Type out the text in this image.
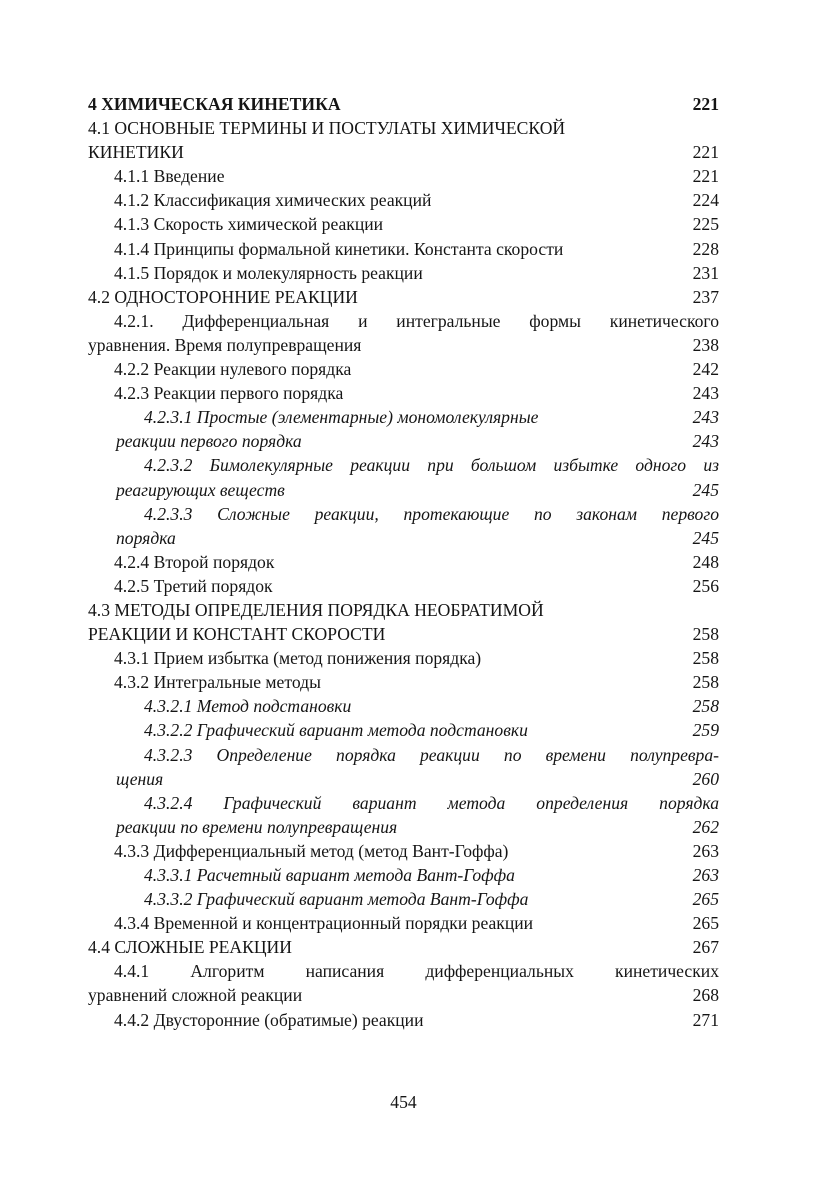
4 ХИМИЧЕСКАЯ КИНЕТИКА	221
4.1 ОСНОВНЫЕ ТЕРМИНЫ И ПОСТУЛАТЫ ХИМИЧЕСКОЙ
КИНЕТИКИ	221
4.1.1 Введение	221
4.1.2 Классификация химических реакций	224
4.1.3 Скорость химической реакции	225
4.1.4 Принципы формальной кинетики. Константа скорости	228
4.1.5 Порядок и молекулярность реакции	231
4.2 ОДНОСТОРОННИЕ РЕАКЦИИ	237
4.2.1. Дифференциальная и интегральные формы кинетического
уравнения. Время полупревращения	238
4.2.2 Реакции нулевого порядка	242
4.2.3 Реакции первого порядка	243
4.2.3.1 Простые (элементарные) мономолекулярные	243
реакции первого порядка	243
4.2.3.2 Бимолекулярные реакции при большом избытке одного из
реагирующих веществ	245
4.2.3.3 Сложные реакции, протекающие по законам первого
порядка	245
4.2.4 Второй порядок	248
4.2.5 Третий порядок	256
4.3 МЕТОДЫ ОПРЕДЕЛЕНИЯ ПОРЯДКА НЕОБРАТИМОЙ
РЕАКЦИИ И КОНСТАНТ СКОРОСТИ	258
4.3.1 Прием избытка (метод понижения порядка)	258
4.3.2 Интегральные методы	258
4.3.2.1 Метод подстановки	258
4.3.2.2 Графический вариант метода подстановки	259
4.3.2.3 Определение порядка реакции по времени полупревра-
щения	260
4.3.2.4 Графический вариант метода определения порядка
реакции по времени полупревращения	262
4.3.3 Дифференциальный метод (метод Вант-Гоффа)	263
4.3.3.1 Расчетный вариант метода Вант-Гоффа	263
4.3.3.2 Графический вариант метода Вант-Гоффа	265
4.3.4 Временной и концентрационный порядки реакции	265
4.4 СЛОЖНЫЕ РЕАКЦИИ	267
4.4.1 Алгоритм написания дифференциальных кинетических
уравнений сложной реакции	268
4.4.2 Двусторонние (обратимые) реакции	271
454
